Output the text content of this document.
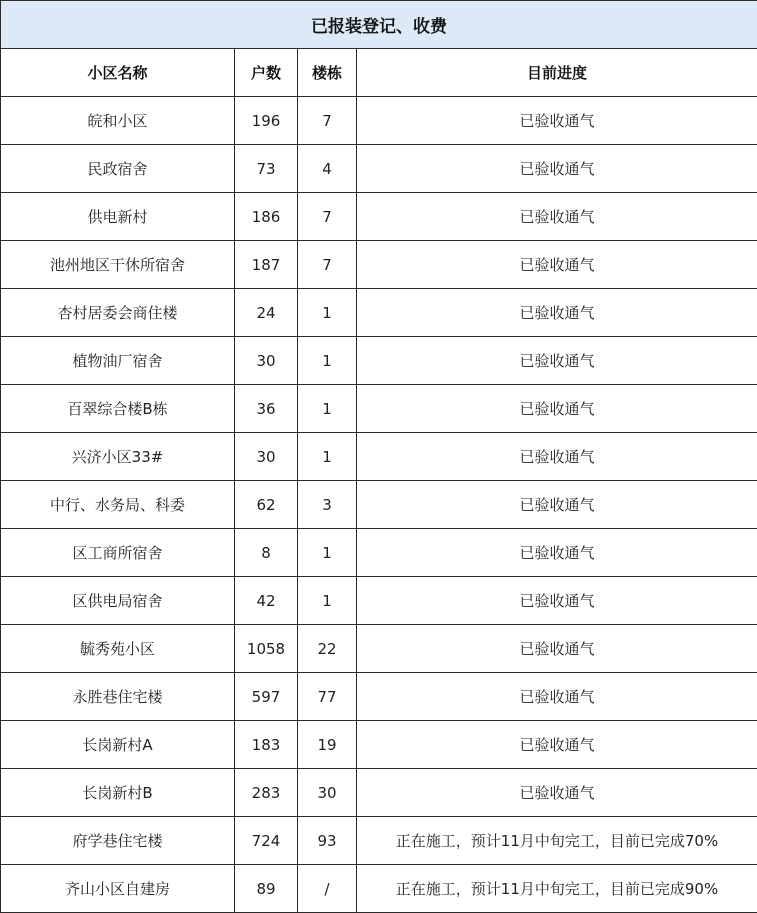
已报装登记、收费			
小区名称	户数	楼栋	目前进度
皖和小区	196	7	已验收通气
民政宿舍	73	4	已验收通气
供电新村	186	7	已验收通气
池州地区干休所宿舍	187	7	已验收通气
杏村居委会商住楼	24	1	已验收通气
植物油厂宿舍	30	1	已验收通气
百翠综合楼B栋	36	1	已验收通气
兴济小区33#	30	1	已验收通气
中行、水务局、科委	62	3	已验收通气
区工商所宿舍	8	1	已验收通气
区供电局宿舍	42	1	已验收通气
毓秀苑小区	1058	22	已验收通气
永胜巷住宅楼	597	77	已验收通气
长岗新村A	183	19	已验收通气
长岗新村B	283	30	已验收通气
府学巷住宅楼	724	93	正在施工，预计11月中旬完工，目前已完成70%
齐山小区自建房	89	/	正在施工，预计11月中旬完工，目前已完成90%
